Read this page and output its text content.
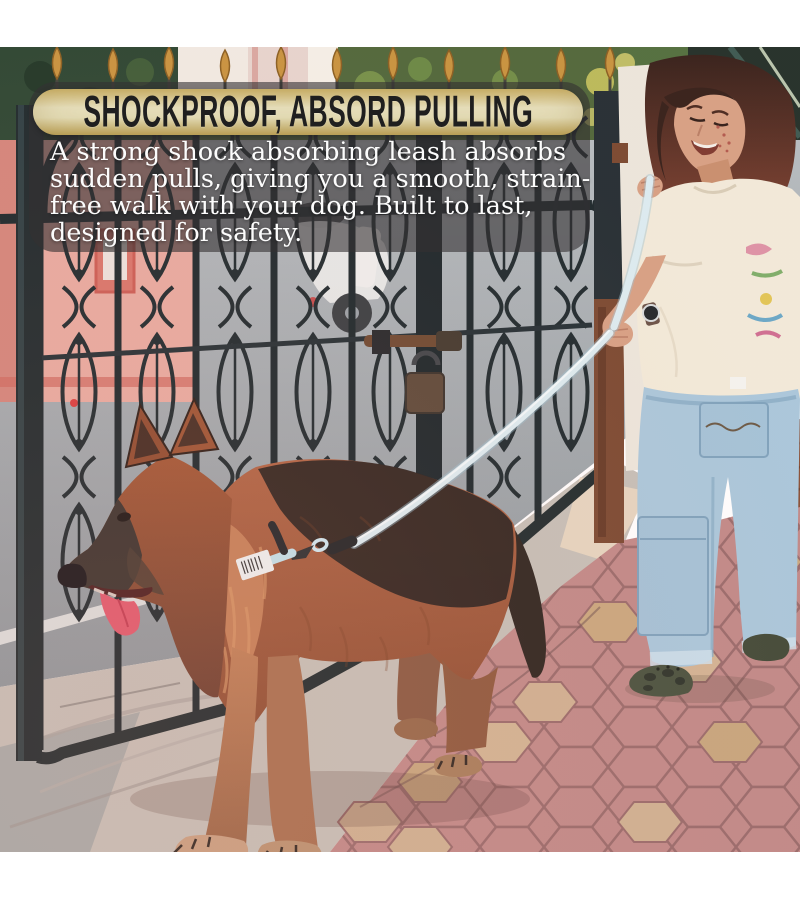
SHOCKPROOF, ABSORD PULLING
A strong shock absorbing leash absorbs
sudden pulls, giving you a smooth, strain-
free walk with your dog. Built to last,
designed for safety.
